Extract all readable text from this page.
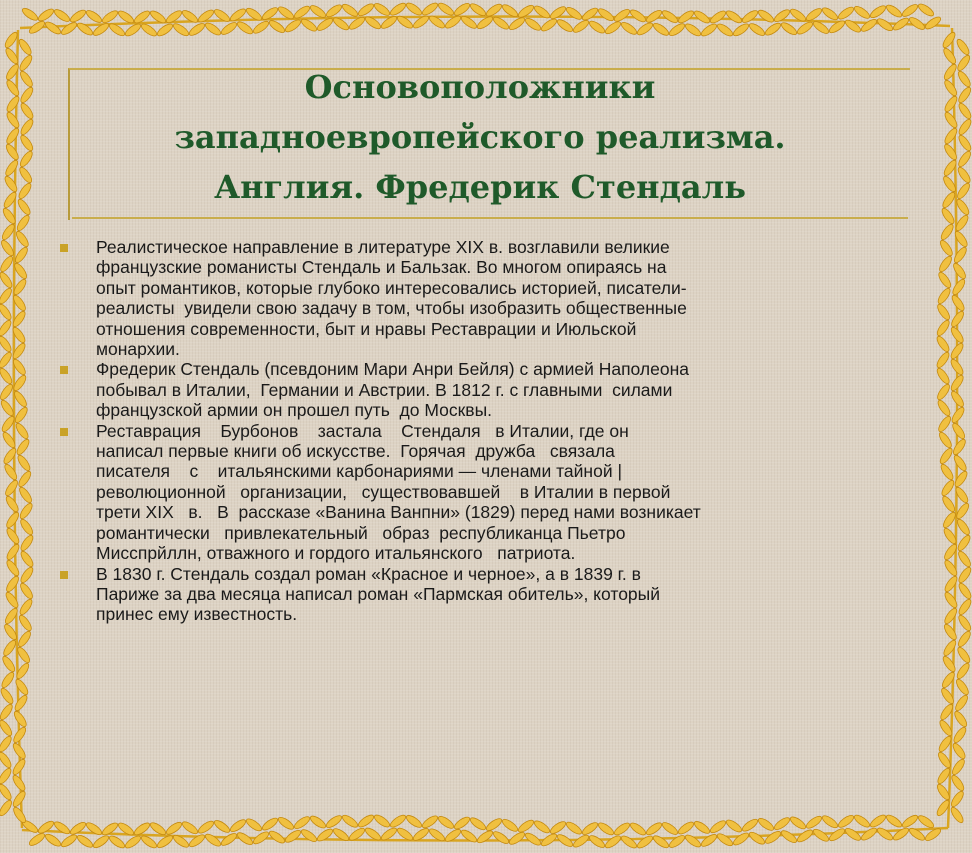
Основоположники
западноевропейского реализма.
Англия. Фредерик Стендаль
Реалистическое направление в литературе XIX в. возглавили великие
французские романисты Стендаль и Бальзак. Во многом опираясь на
опыт романтиков, которые глубоко интересовались историей, писатели-
реалисты  увидели свою задачу в том, чтобы изобразить общественные
отношения современности, быт и нравы Реставрации и Июльской
монархии.
Фредерик Стендаль (псевдоним Мари Анри Бейля) с армией Наполеона
побывал в Италии,  Германии и Австрии. В 1812 г. с главными  силами
французской армии он прошел путь  до Москвы.
Реставрация    Бурбонов    застала    Стендаля   в Италии, где он
написал первые книги об искусстве.  Горячая  дружба   связала
писателя    с    итальянскими карбонариями — членами тайной |
революционной   организации,   существовавшей    в Италии в первой
трети XIX   в.   В  рассказе «Ванина Ванпни» (1829) перед нами возникает
романтически   привлекательный   образ  республиканца Пьетро
Мисспрйллн, отважного и гордого итальянского   патриота.
В 1830 г. Стендаль создал роман «Красное и черное», а в 1839 г. в
Париже за два месяца написал роман «Пармская обитель», который
принес ему известность.
